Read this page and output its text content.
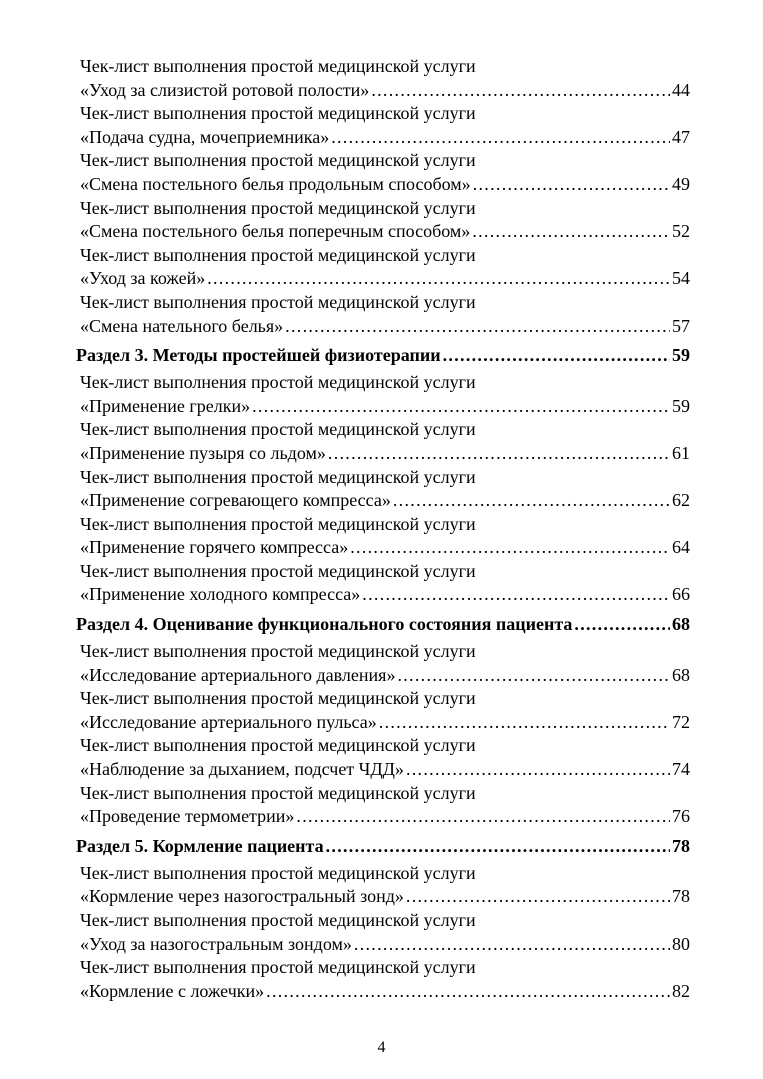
Чек-лист выполнения простой медицинской услуги
«Уход за слизистой ротовой полости» . . .	44
Чек-лист выполнения простой медицинской услуги
«Подача судна, мочеприемника» . . .	47
Чек-лист выполнения простой медицинской услуги
«Смена постельного белья продольным способом» . . .	49
Чек-лист выполнения простой медицинской услуги
«Смена постельного белья поперечным способом» . . .	52
Чек-лист выполнения простой медицинской услуги
«Уход за кожей» . . .	54
Чек-лист выполнения простой медицинской услуги
«Смена нательного белья» . . .	57
Раздел 3. Методы простейшей физиотерапии . . .	59
Чек-лист выполнения простой медицинской услуги
«Применение грелки» . . .	59
Чек-лист выполнения простой медицинской услуги
«Применение пузыря со льдом» . . .	61
Чек-лист выполнения простой медицинской услуги
«Применение согревающего компресса» . . .	62
Чек-лист выполнения простой медицинской услуги
«Применение горячего компресса» . . .	64
Чек-лист выполнения простой медицинской услуги
«Применение холодного компресса» . . .	66
Раздел 4. Оценивание функционального состояния пациента . . .	68
Чек-лист выполнения простой медицинской услуги
«Исследование артериального давления» . . .	68
Чек-лист выполнения простой медицинской услуги
«Исследование артериального пульса» . . .	72
Чек-лист выполнения простой медицинской услуги
«Наблюдение за дыханием, подсчет ЧДД» . . .	74
Чек-лист выполнения простой медицинской услуги
«Проведение термометрии» . . .	76
Раздел 5. Кормление пациента . . .	78
Чек-лист выполнения простой медицинской услуги
«Кормление через назогостральный зонд» . . .	78
Чек-лист выполнения простой медицинской услуги
«Уход за назогостральным зондом» . . .	80
Чек-лист выполнения простой медицинской услуги
«Кормление с ложечки» . . .	82
4
